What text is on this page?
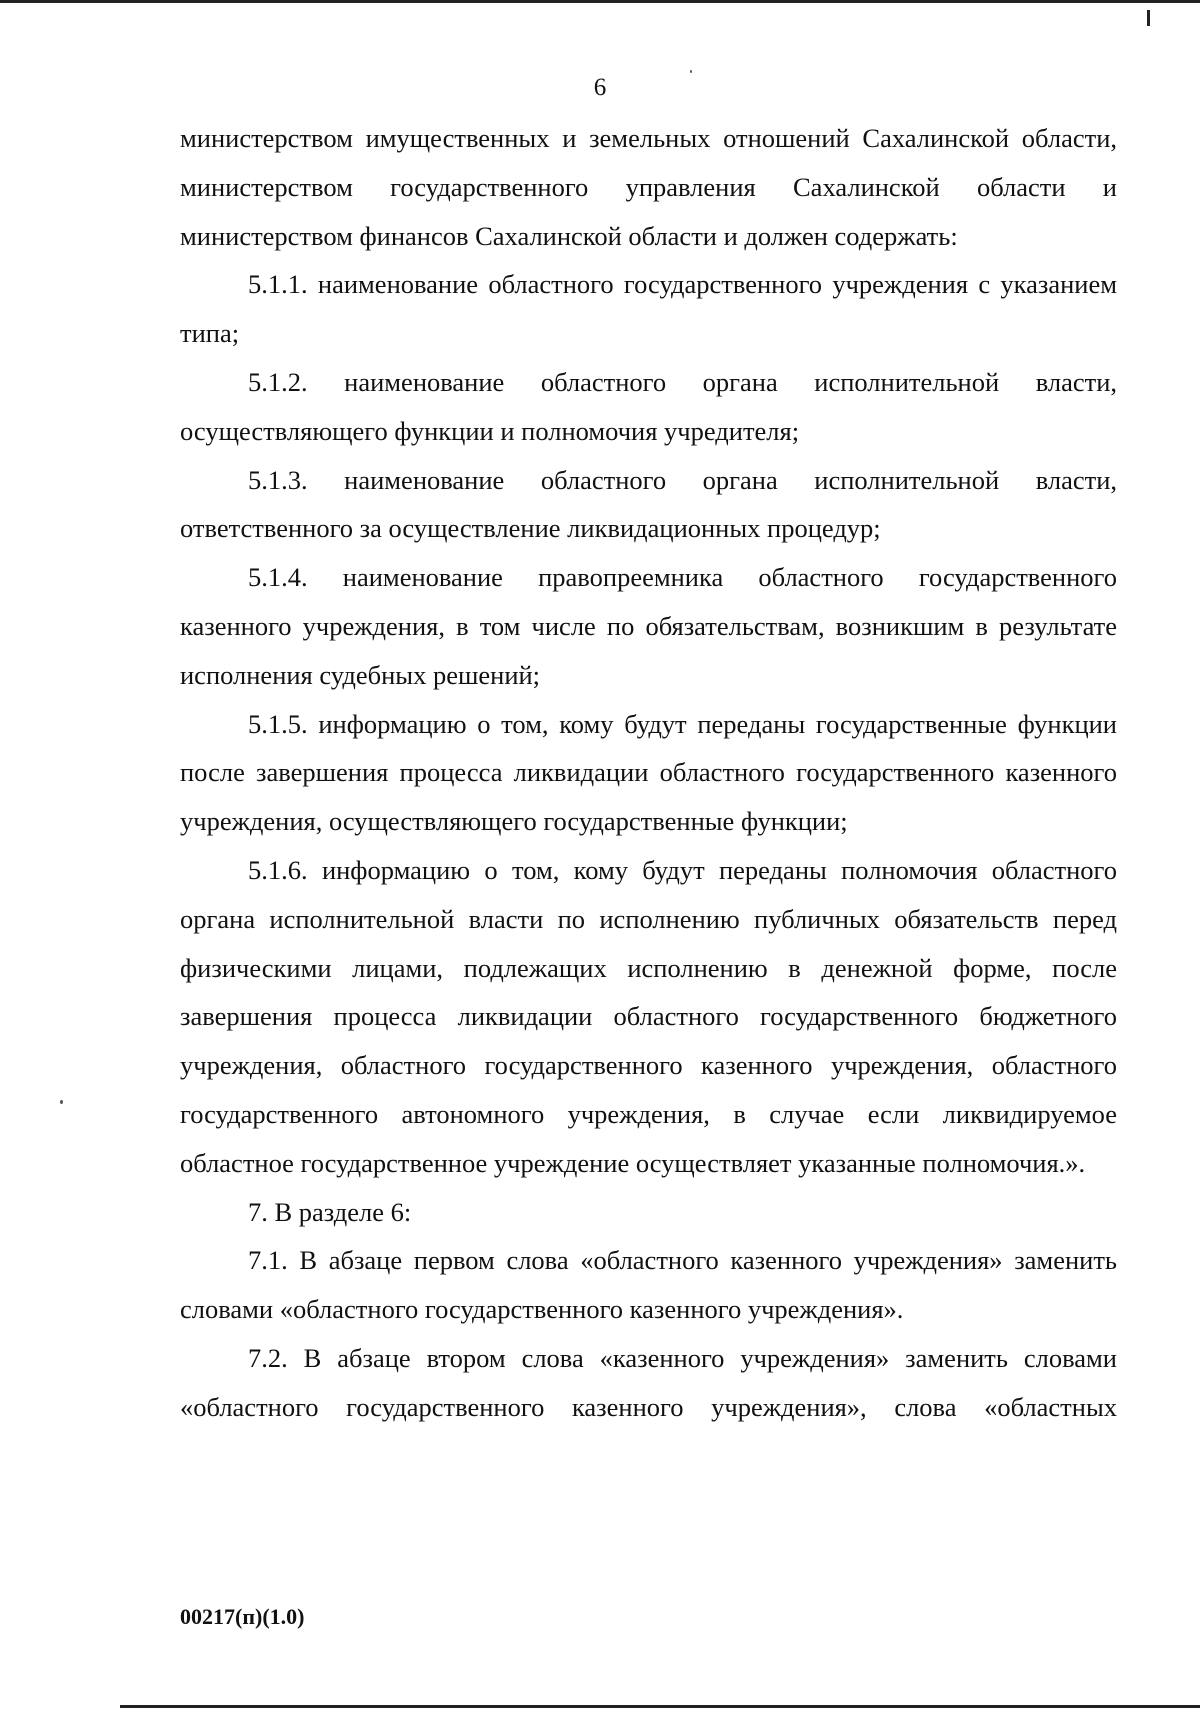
6

министерством имущественных и земельных отношений Сахалинской области, министерством государственного управления Сахалинской области и министерством финансов Сахалинской области и должен содержать:

5.1.1. наименование областного государственного учреждения с указанием типа;

5.1.2. наименование областного органа исполнительной власти, осуществляющего функции и полномочия учредителя;

5.1.3. наименование областного органа исполнительной власти, ответственного за осуществление ликвидационных процедур;

5.1.4. наименование правопреемника областного государственного казенного учреждения, в том числе по обязательствам, возникшим в результате исполнения судебных решений;

5.1.5. информацию о том, кому будут переданы государственные функции после завершения процесса ликвидации областного государственного казенного учреждения, осуществляющего государственные функции;

5.1.6. информацию о том, кому будут переданы полномочия областного органа исполнительной власти по исполнению публичных обязательств перед физическими лицами, подлежащих исполнению в денежной форме, после завершения процесса ликвидации областного государственного бюджетного учреждения, областного государственного казенного учреждения, областного государственного автономного учреждения, в случае если ликвидируемое областное государственное учреждение осуществляет указанные полномочия.».

7. В разделе 6:

7.1. В абзаце первом слова «областного казенного учреждения» заменить словами «областного государственного казенного учреждения».

7.2. В абзаце втором слова «казенного учреждения» заменить словами «областного государственного казенного учреждения», слова «областных

00217(п)(1.0)
